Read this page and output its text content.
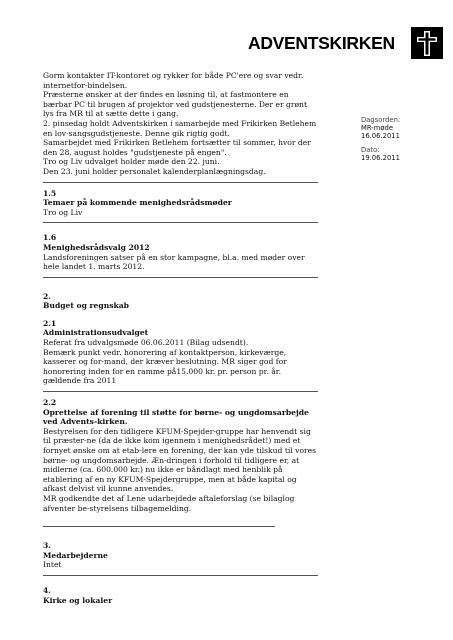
ADVENTSKIRKEN
Dagsorden:
MR-møde
16.06.2011
Dato:
19.06.2011

Gorm kontakter IT-kontoret og rykker for både PC'ere og svar vedr. internetfor-bindelsen.

Præsterne ønsker at der findes en løsning til, at fastmontere en bærbar PC til brugen af projektor ved gudstjenesterne. Der er grønt lys fra MR til at sætte dette i gang.

2. pinsedag holdt Adventskirken i samarbejde med Frikirken Betlehem en lov-sangsgudstjeneste. Denne gik rigtig godt.

Samarbejdet med Frikirken Betlehem fortsætter til sommer, hvor der den 28. august holdes "gudstjeneste på engen".

Tro og Liv udvalget holder møde den 22. juni.

Den 23. juni holder personalet kalenderplanlægningsdag.

1.5

Temaer på kommende menighedsrådsmøder

Tro og Liv

1.6

Menighedsrådsvalg 2012

Landsforeningen satser på en stor kampagne, bl.a. med møder over hele landet 1. marts 2012.

2.

Budget og regnskab

2.1

Administrationsudvalget

Referat fra udvalgsmøde 06.06.2011 (Bilag udsendt).

Bemærk punkt vedr. honorering af kontaktperson, kirkeværge, kasserer og for-mand, der kræver beslutning. MR siger god for honorering inden for en ramme på15.000 kr. pr. person pr. år. gældende fra 2011

2.2

Oprettelse af forening til støtte for børne- og ungdomsarbejde ved Advents-kirken.

Bestyrelsen for den tidligere KFUM-Spejder-gruppe har henvendt sig til præster-ne (da de ikke kom igennem i menighedsrådet!) med et fornyet ønske om at etab-lere en forening, der kan yde tilskud til vores børne- og ungdomsarbejde. Æn-dringen i forhold til tidligere er, at midlerne (ca. 600.000 kr.) nu ikke er båndlagt med henblik på etablering af en ny KFUM-Spejdergruppe, men at både kapital og afkast delvist vil kunne anvendes.

MR godkendte det af Lene udarbejdede aftaleforslag (se bilaglog afventer be-styrelsens tilbagemelding.

3.

Medarbejderne

Intet

4.

Kirke og lokaler
